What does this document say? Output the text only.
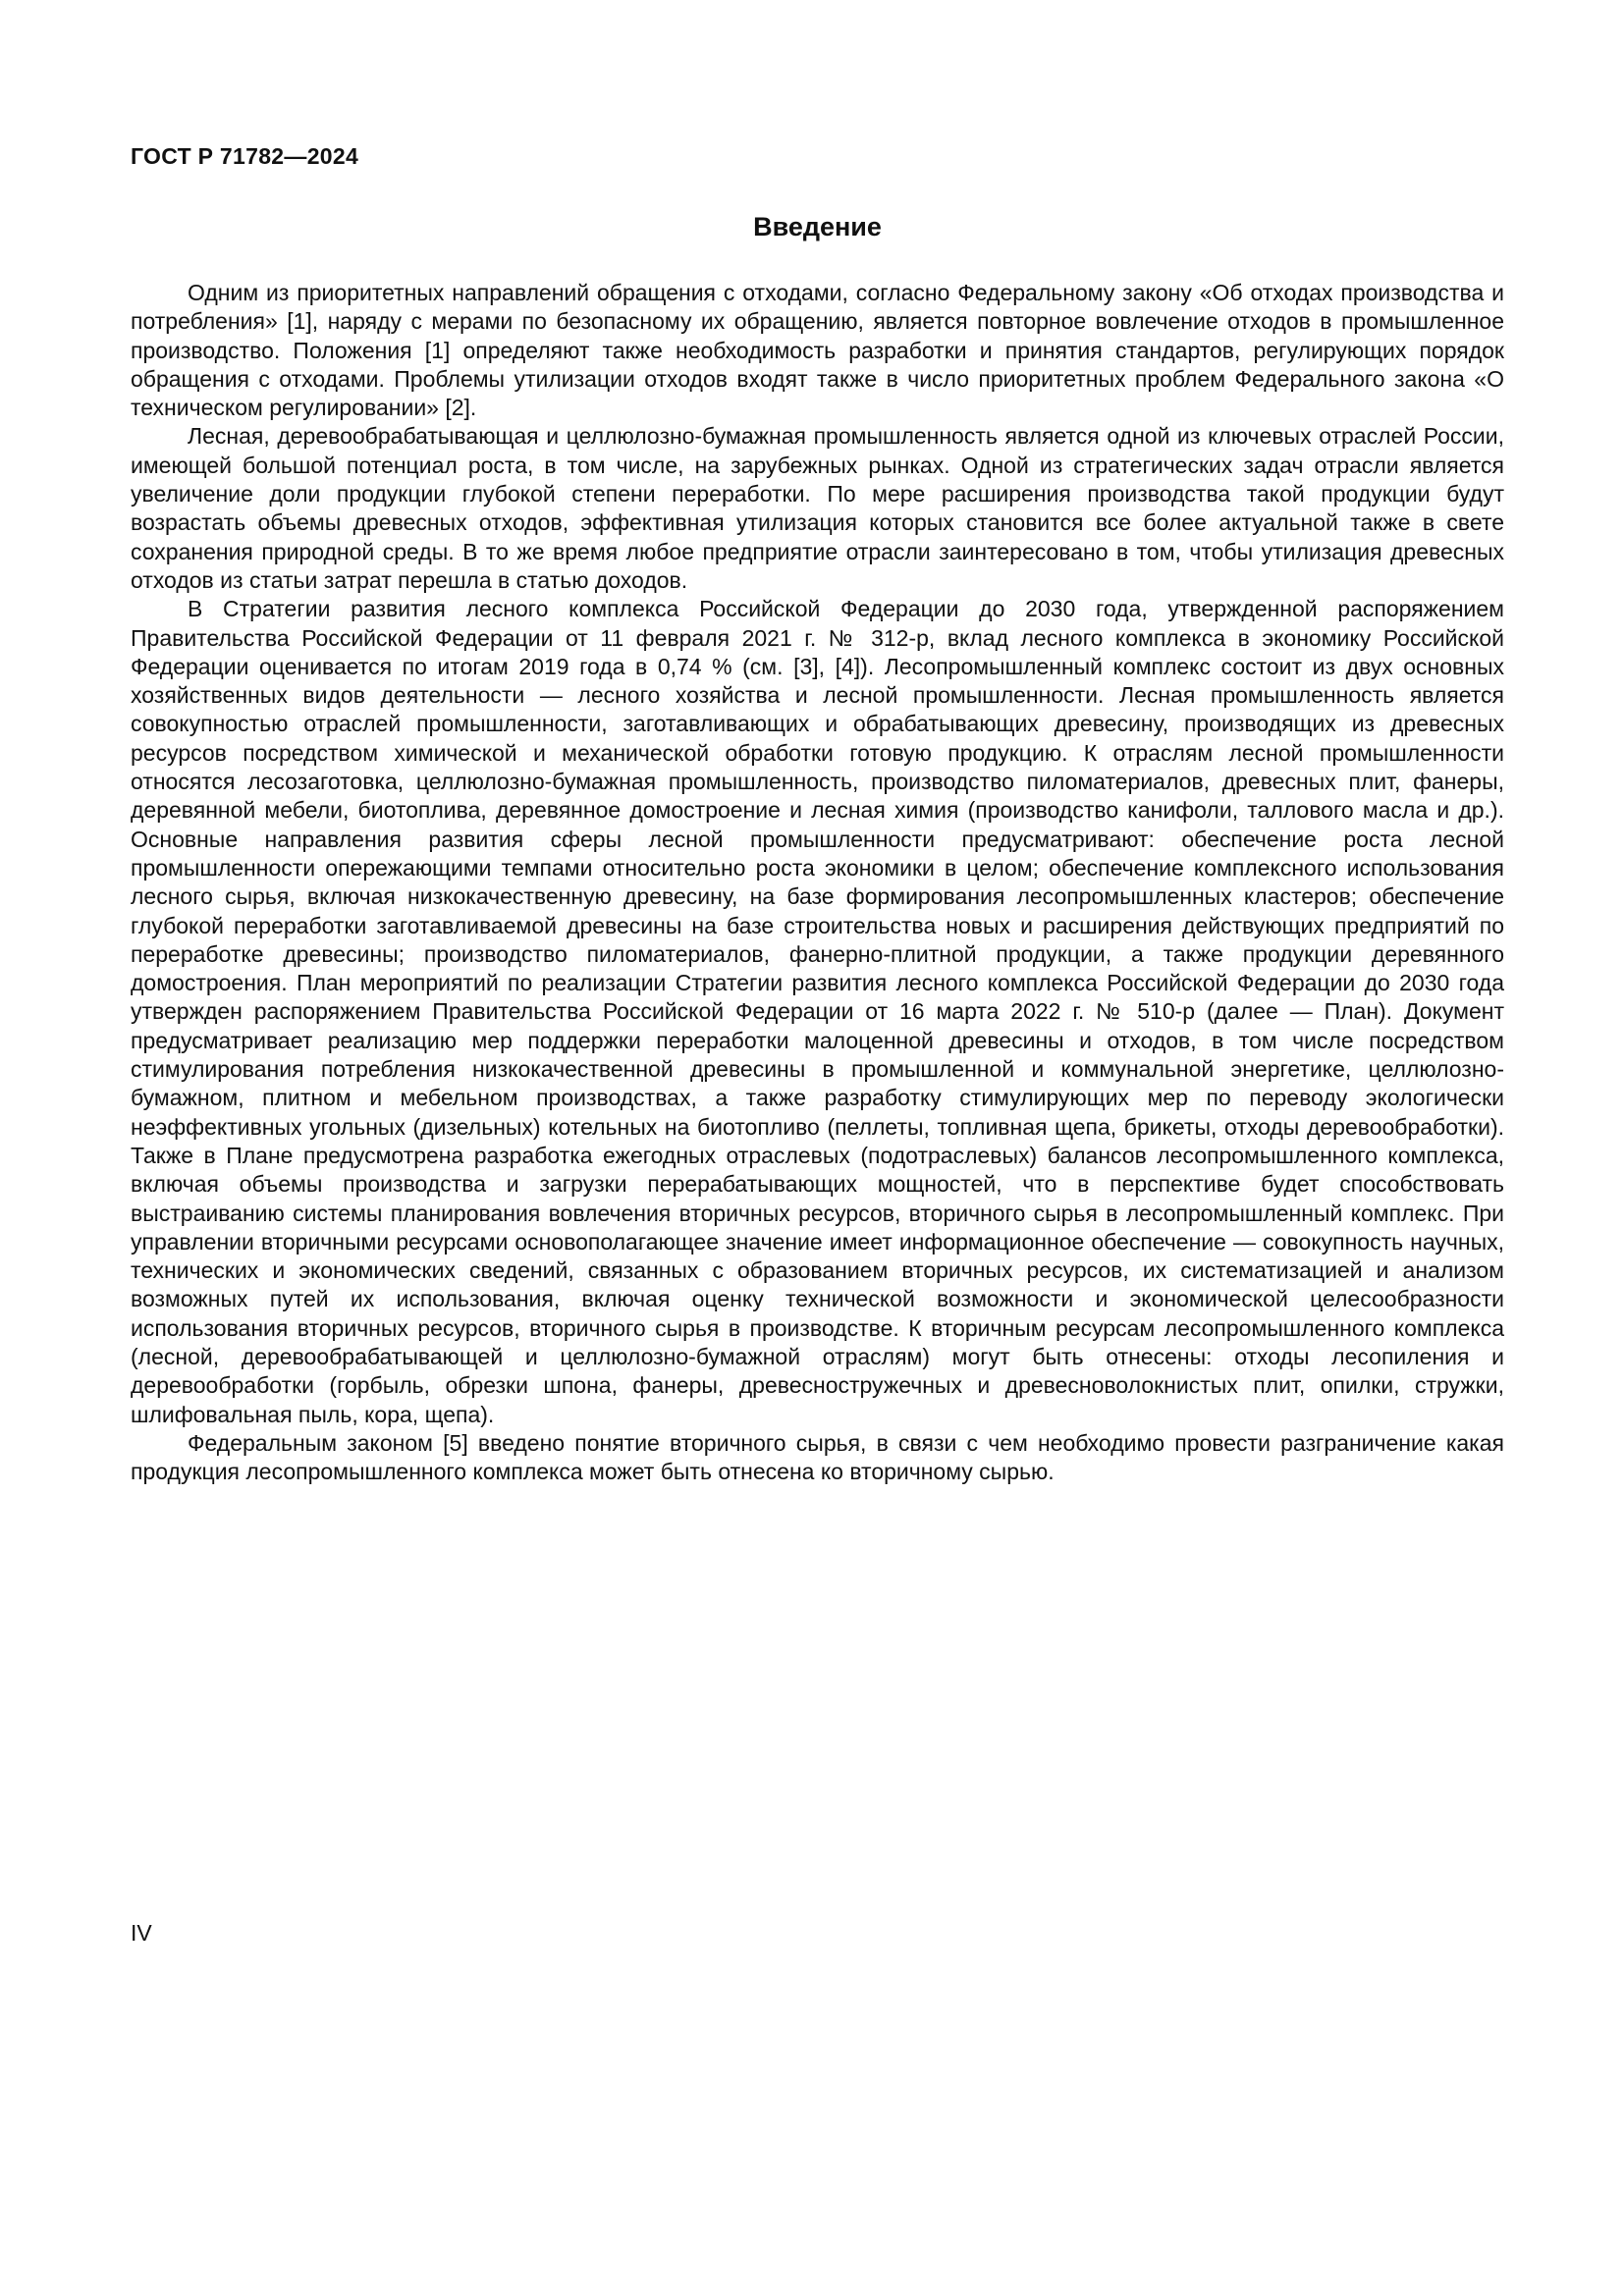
ГОСТ Р 71782—2024
Введение

Одним из приоритетных направлений обращения с отходами, согласно Федеральному закону «Об отходах производства и потребления» [1], наряду с мерами по безопасному их обращению, является повторное вовлечение отходов в промышленное производство. Положения [1] определяют также необходимость разработки и принятия стандартов, регулирующих порядок обращения с отходами. Проблемы утилизации отходов входят также в число приоритетных проблем Федерального закона «О техническом регулировании» [2].

Лесная, деревообрабатывающая и целлюлозно-бумажная промышленность является одной из ключевых отраслей России, имеющей большой потенциал роста, в том числе, на зарубежных рынках. Одной из стратегических задач отрасли является увеличение доли продукции глубокой степени переработки. По мере расширения производства такой продукции будут возрастать объемы древесных отходов, эффективная утилизация которых становится все более актуальной также в свете сохранения природной среды. В то же время любое предприятие отрасли заинтересовано в том, чтобы утилизация древесных отходов из статьи затрат перешла в статью доходов.

В Стратегии развития лесного комплекса Российской Федерации до 2030 года, утвержденной распоряжением Правительства Российской Федерации от 11 февраля 2021 г. № 312-р, вклад лесного комплекса в экономику Российской Федерации оценивается по итогам 2019 года в 0,74 % (см. [3], [4]). Лесопромышленный комплекс состоит из двух основных хозяйственных видов деятельности — лесного хозяйства и лесной промышленности. Лесная промышленность является совокупностью отраслей промышленности, заготавливающих и обрабатывающих древесину, производящих из древесных ресурсов посредством химической и механической обработки готовую продукцию. К отраслям лесной промышленности относятся лесозаготовка, целлюлозно-бумажная промышленность, производство пиломатериалов, древесных плит, фанеры, деревянной мебели, биотоплива, деревянное домостроение и лесная химия (производство канифоли, таллового масла и др.). Основные направления развития сферы лесной промышленности предусматривают: обеспечение роста лесной промышленности опережающими темпами относительно роста экономики в целом; обеспечение комплексного использования лесного сырья, включая низкокачественную древесину, на базе формирования лесопромышленных кластеров; обеспечение глубокой переработки заготавливаемой древесины на базе строительства новых и расширения действующих предприятий по переработке древесины; производство пиломатериалов, фанерно-плитной продукции, а также продукции деревянного домостроения. План мероприятий по реализации Стратегии развития лесного комплекса Российской Федерации до 2030 года утвержден распоряжением Правительства Российской Федерации от 16 марта 2022 г. № 510-р (далее — План). Документ предусматривает реализацию мер поддержки переработки малоценной древесины и отходов, в том числе посредством стимулирования потребления низкокачественной древесины в промышленной и коммунальной энергетике, целлюлозно-бумажном, плитном и мебельном производствах, а также разработку стимулирующих мер по переводу экологически неэффективных угольных (дизельных) котельных на биотопливо (пеллеты, топливная щепа, брикеты, отходы деревообработки). Также в Плане предусмотрена разработка ежегодных отраслевых (подотраслевых) балансов лесопромышленного комплекса, включая объемы производства и загрузки перерабатывающих мощностей, что в перспективе будет способствовать выстраиванию системы планирования вовлечения вторичных ресурсов, вторичного сырья в лесопромышленный комплекс. При управлении вторичными ресурсами основополагающее значение имеет информационное обеспечение — совокупность научных, технических и экономических сведений, связанных с образованием вторичных ресурсов, их систематизацией и анализом возможных путей их использования, включая оценку технической возможности и экономической целесообразности использования вторичных ресурсов, вторичного сырья в производстве. К вторичным ресурсам лесопромышленного комплекса (лесной, деревообрабатывающей и целлюлозно-бумажной отраслям) могут быть отнесены: отходы лесопиления и деревообработки (горбыль, обрезки шпона, фанеры, древесностружечных и древесноволокнистых плит, опилки, стружки, шлифовальная пыль, кора, щепа).

Федеральным законом [5] введено понятие вторичного сырья, в связи с чем необходимо провести разграничение какая продукция лесопромышленного комплекса может быть отнесена ко вторичному сырью.

IV
